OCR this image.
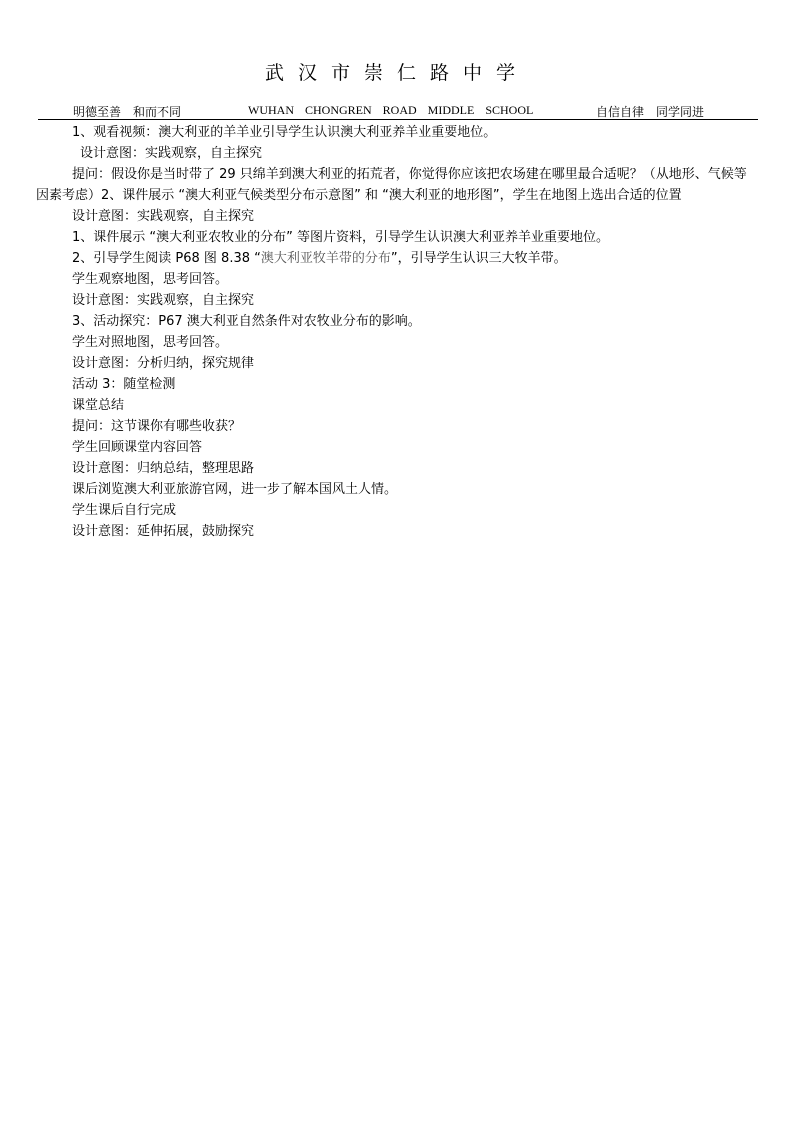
武汉市崇仁路中学
明德至善　和而不同	WUHAN CHONGREN ROAD MIDDLE SCHOOL	自信自律　同学同进
1、观看视频：澳大利亚的羊羊业引导学生认识澳大利亚养羊业重要地位。
设计意图：实践观察，自主探究
提问：假设你是当时带了 29 只绵羊到澳大利亚的拓荒者，你觉得你应该把农场建在哪里最合适呢？（从地形、气候等因素考虑）2、课件展示 “澳大利亚气候类型分布示意图” 和 “澳大利亚的地形图”，学生在地图上选出合适的位置
设计意图：实践观察，自主探究
1、课件展示 “澳大利亚农牧业的分布” 等图片资料，引导学生认识澳大利亚养羊业重要地位。
2、引导学生阅读 P68 图 8.38 “澳大利亚牧羊带的分布”，引导学生认识三大牧羊带。
学生观察地图，思考回答。
设计意图：实践观察，自主探究
3、活动探究：P67 澳大利亚自然条件对农牧业分布的影响。
学生对照地图，思考回答。
设计意图：分析归纳，探究规律
活动 3：随堂检测
课堂总结
提问：这节课你有哪些收获？
学生回顾课堂内容回答
设计意图：归纳总结，整理思路
课后浏览澳大利亚旅游官网，进一步了解本国风土人情。
学生课后自行完成
设计意图：延伸拓展，鼓励探究
